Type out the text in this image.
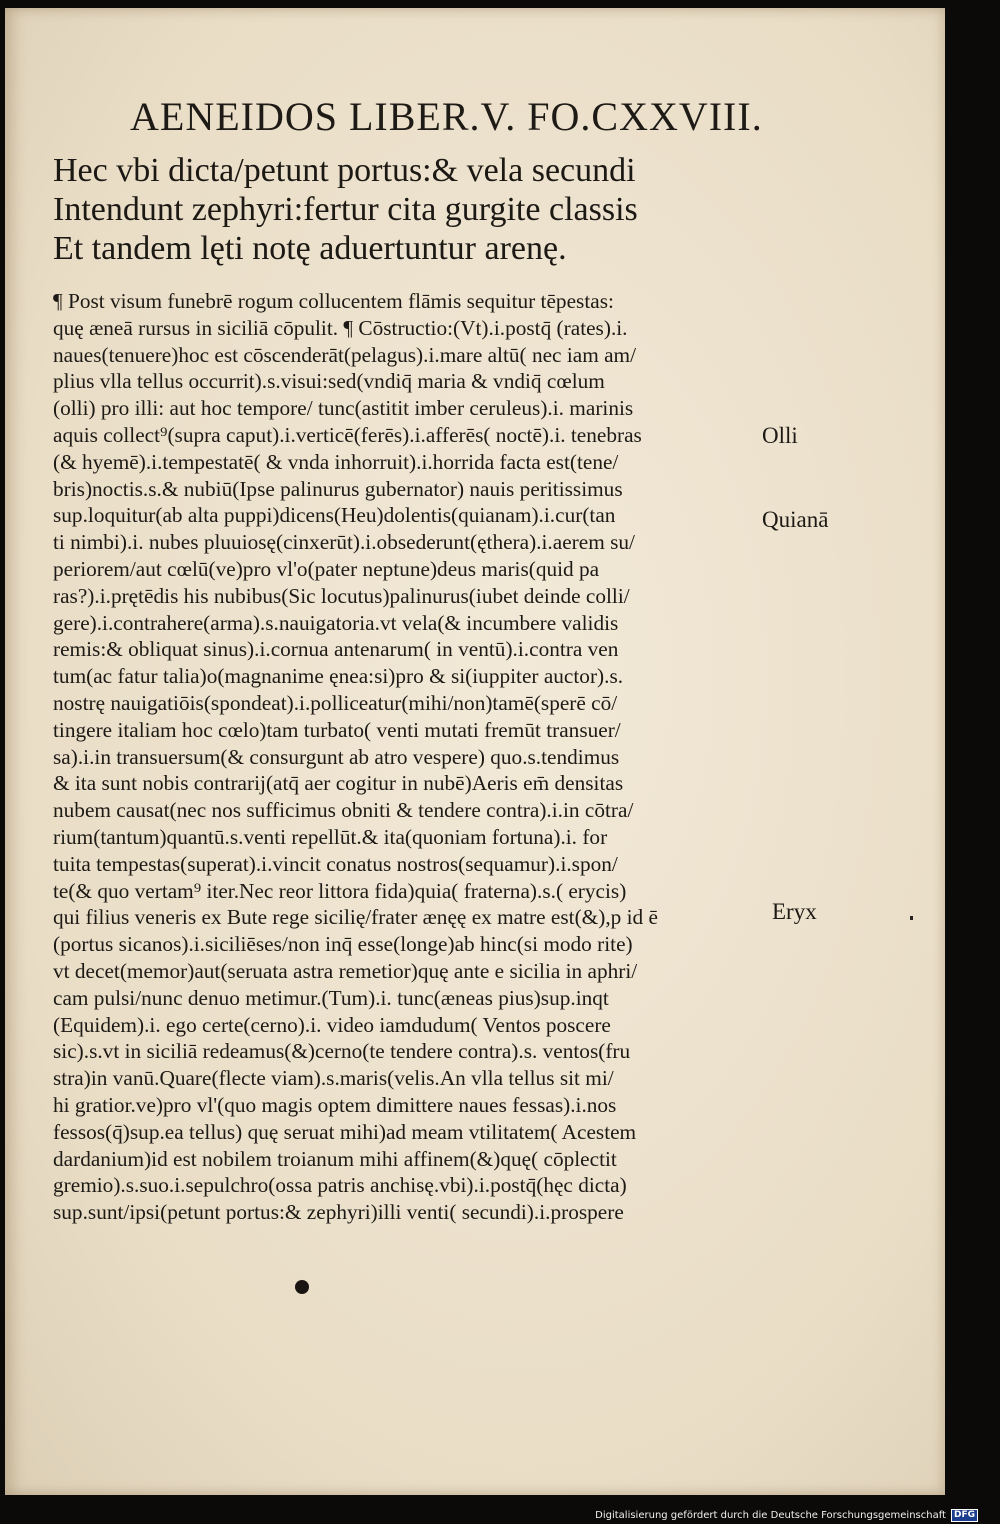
AENEIDOS LIBER.V. FO.CXXVIII.
Hec vbi dicta/petunt portus:& vela secundi
Intendunt zephyri:fertur cita gurgite classis
Et tandem lęti notę aduertuntur arenę.
¶ Post visum funebrē rogum collucentem flāmis sequitur tēpestas:
quę æneā rursus in siciliā cōpulit. ¶ Cōstructio:(Vt).i.postq̄ (rates).i.
naues(tenuere)hoc est cōscenderāt(pelagus).i.mare altū( nec iam am/
plius vlla tellus occurrit).s.visui:sed(vndiq̄ maria & vndiq̄ cœlum
(olli) pro illi: aut hoc tempore/ tunc(astitit imber ceruleus).i. marinis
aquis collect⁹(supra caput).i.verticē(ferēs).i.afferēs( noctē).i. tenebras
(& hyemē).i.tempestatē( & vnda inhorruit).i.horrida facta est(tene/
bris)noctis.s.& nubiū(Ipse palinurus gubernator) nauis peritissimus
sup.loquitur(ab alta puppi)dicens(Heu)dolentis(quianam).i.cur(tan
ti nimbi).i. nubes pluuiosę(cinxerūt).i.obsederunt(ęthera).i.aerem su/
periorem/aut cœlū(ve)pro vl'o(pater neptune)deus maris(quid pa
ras?).i.prętēdis his nubibus(Sic locutus)palinurus(iubet deinde colli/
gere).i.contrahere(arma).s.nauigatoria.vt vela(& incumbere validis
remis:& obliquat sinus).i.cornua antenarum( in ventū).i.contra ven
tum(ac fatur talia)o(magnanime ęnea:si)pro & si(iuppiter auctor).s.
nostrę nauigatiōis(spondeat).i.polliceatur(mihi/non)tamē(sperē cō/
tingere italiam hoc cœlo)tam turbato( venti mutati fremūt transuer/
sa).i.in transuersum(& consurgunt ab atro vespere) quo.s.tendimus
& ita sunt nobis contrarij(atq̄ aer cogitur in nubē)Aeris em̄ densitas
nubem causat(nec nos sufficimus obniti & tendere contra).i.in cōtra/
rium(tantum)quantū.s.venti repellūt.& ita(quoniam fortuna).i. for
tuita tempestas(superat).i.vincit conatus nostros(sequamur).i.spon/
te(& quo vertam⁹ iter.Nec reor littora fida)quia( fraterna).s.( erycis)
qui filius veneris ex Bute rege sicilię/frater ænęę ex matre est(&),p id ē
(portus sicanos).i.siciliēses/non inq̄ esse(longe)ab hinc(si modo rite)
vt decet(memor)aut(seruata astra remetior)quę ante e sicilia in aphri/
cam pulsi/nunc denuo metimur.(Tum).i. tunc(æneas pius)sup.inqt
(Equidem).i. ego certe(cerno).i. video iamdudum( Ventos poscere
sic).s.vt in siciliā redeamus(&)cerno(te tendere contra).s. ventos(fru
stra)in vanū.Quare(flecte viam).s.maris(velis.An vlla tellus sit mi/
hi gratior.ve)pro vl'(quo magis optem dimittere naues fessas).i.nos
fessos(q̄)sup.ea tellus) quę seruat mihi)ad meam vtilitatem( Acestem
dardanium)id est nobilem troianum mihi affinem(&)quę( cōplectit
gremio).s.suo.i.sepulchro(ossa patris anchisę.vbi).i.postq̄(hęc dicta)
sup.sunt/ipsi(petunt portus:& zephyri)illi venti( secundi).i.prospere
Olli
Quianā
Eryx
Digitalisierung gefördert durch die Deutsche Forschungsgemeinschaft DFG
